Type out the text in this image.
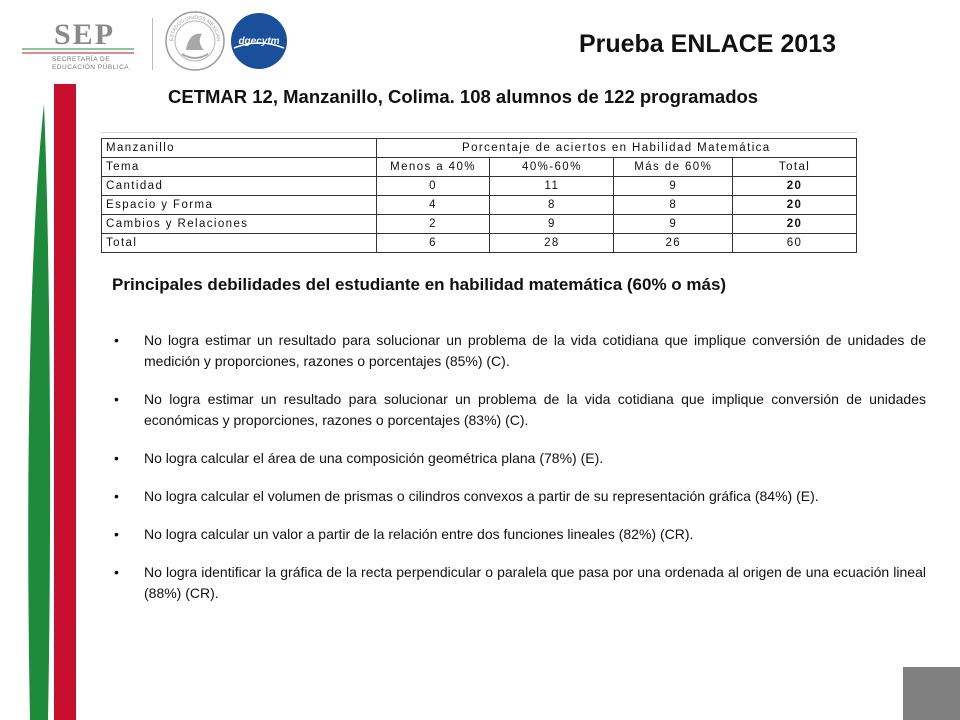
SEP
SECRETARÍA DE
EDUCACIÓN PÚBLICA
ESTADOS UNIDOS MEXICAN dgecytm	Prueba ENLACE 2013
CETMAR 12, Manzanillo, Colima. 108 alumnos de 122 programados
Manzanillo	Porcentaje de aciertos en Habilidad Matemática			
Tema	Menos a 40%	40%-60%	Más de 60%	Total
Cantidad	0	11	9	20
Espacio y Forma	4	8	8	20
Cambios y Relaciones	2	9	9	20
Total	6	28	26	60
Principales debilidades del estudiante en habilidad matemática (60% o más)
• No logra estimar un resultado para solucionar un problema de la vida cotidiana que implique conversión de unidades de medición y proporciones, razones o porcentajes (85%) (C).
• No logra estimar un resultado para solucionar un problema de la vida cotidiana que implique conversión de unidades económicas y proporciones, razones o porcentajes (83%) (C).
• No logra calcular el área de una composición geométrica plana (78%) (E).
• No logra calcular el volumen de prismas o cilindros convexos a partir de su representación gráfica (84%) (E).
• No logra calcular un valor a partir de la relación entre dos funciones lineales (82%) (CR).
• No logra identificar la gráfica de la recta perpendicular o paralela que pasa por una ordenada al origen de una ecuación lineal (88%) (CR).
